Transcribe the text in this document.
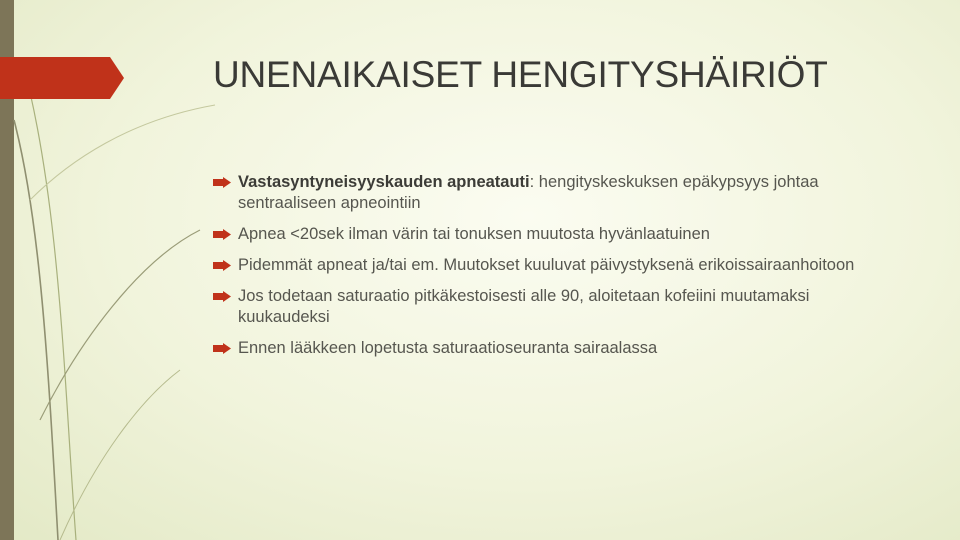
UNENAIKAISET HENGITYSHÄIRIÖT
Vastasyntyneisyyskauden apneatauti: hengityskeskuksen epäkypsyys johtaa sentraaliseen apneointiin
Apnea <20sek ilman värin tai tonuksen muutosta hyvänlaatuinen
Pidemmät apneat ja/tai em. Muutokset kuuluvat päivystyksenä erikoissairaanhoitoon
Jos todetaan saturaatio pitkäkestoisesti alle 90, aloitetaan kofeiini muutamaksi kuukaudeksi
Ennen lääkkeen lopetusta saturaatioseuranta sairaalassa
